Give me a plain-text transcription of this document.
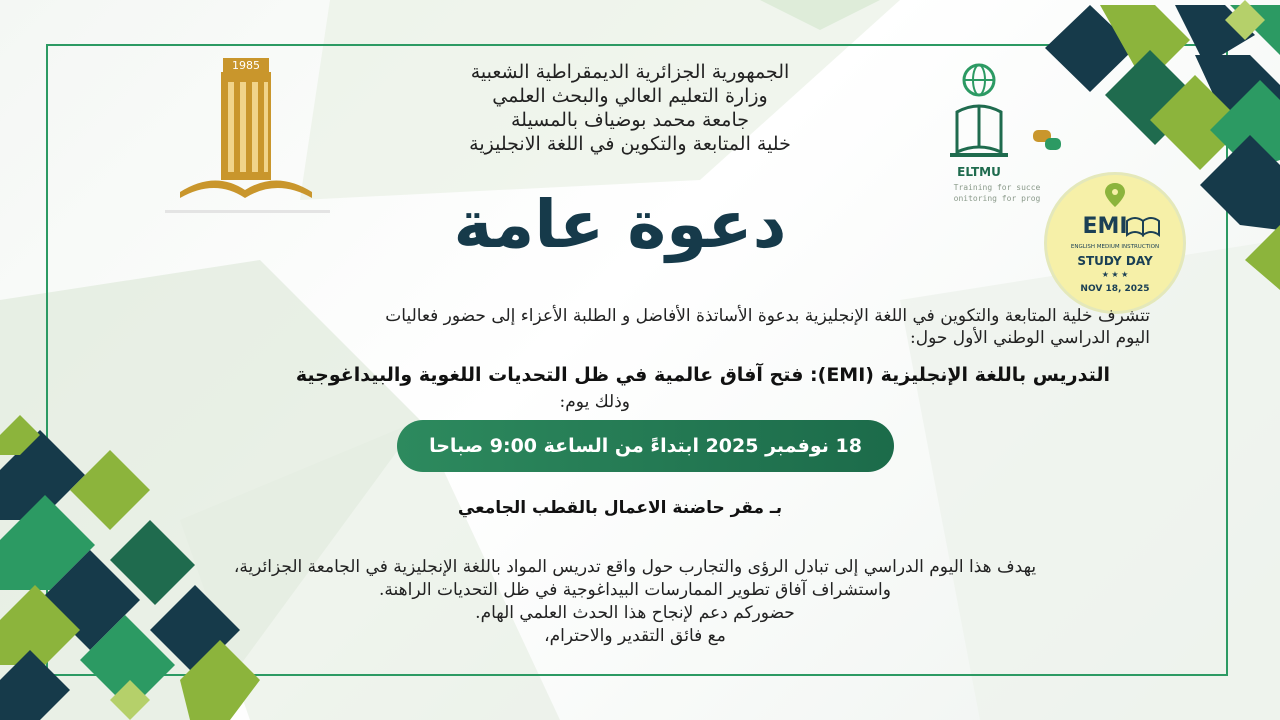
1985	الجمهورية الجزائرية الديمقراطية الشعبية
وزارة التعليم العالي والبحث العلمي
جامعة محمد بوضياف بالمسيلة
خلية المتابعة والتكوين في اللغة الانجليزية
ELTMU
Training for succe
onitoring for prog
EMI
ENGLISH MEDIUM INSTRUCTION
STUDY DAY
★ ★ ★
NOV 18, 2025
دعوة عامة
تتشرف خلية المتابعة والتكوين في اللغة الإنجليزية بدعوة الأساتذة الأفاضل و الطلبة الأعزاء إلى حضور فعاليات
اليوم الدراسي الوطني الأول حول:
التدريس باللغة الإنجليزية (EMI): فتح آفاق عالمية في ظل التحديات اللغوية والبيداغوجية
وذلك يوم:
18 نوفمبر 2025 ابتداءً من الساعة 9:00 صباحا
بـ مقر حاضنة الاعمال بالقطب الجامعي
يهدف هذا اليوم الدراسي إلى تبادل الرؤى والتجارب حول واقع تدريس المواد باللغة الإنجليزية في الجامعة الجزائرية،
واستشراف آفاق تطوير الممارسات البيداغوجية في ظل التحديات الراهنة.
حضوركم دعم لإنجاح هذا الحدث العلمي الهام.
مع فائق التقدير والاحترام،
